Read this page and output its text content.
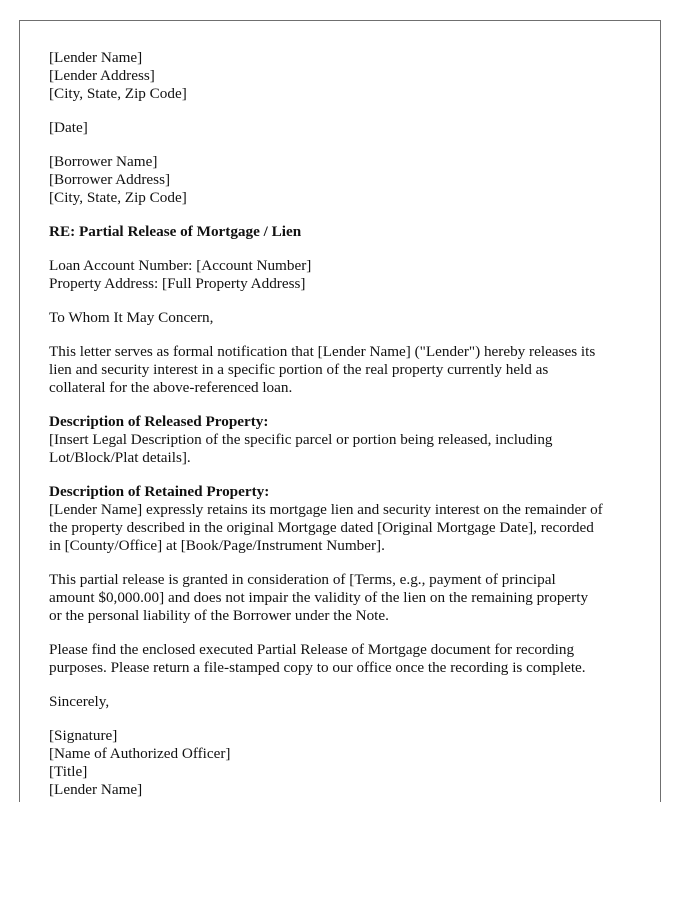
[Lender Name]
[Lender Address]
[City, State, Zip Code]
[Date]
[Borrower Name]
[Borrower Address]
[City, State, Zip Code]
RE: Partial Release of Mortgage / Lien
Loan Account Number: [Account Number]
Property Address: [Full Property Address]
To Whom It May Concern,
This letter serves as formal notification that [Lender Name] ("Lender") hereby releases its
lien and security interest in a specific portion of the real property currently held as
collateral for the above-referenced loan.
Description of Released Property:
[Insert Legal Description of the specific parcel or portion being released, including
Lot/Block/Plat details].
Description of Retained Property:
[Lender Name] expressly retains its mortgage lien and security interest on the remainder of
the property described in the original Mortgage dated [Original Mortgage Date], recorded
in [County/Office] at [Book/Page/Instrument Number].
This partial release is granted in consideration of [Terms, e.g., payment of principal
amount $0,000.00] and does not impair the validity of the lien on the remaining property
or the personal liability of the Borrower under the Note.
Please find the enclosed executed Partial Release of Mortgage document for recording
purposes. Please return a file-stamped copy to our office once the recording is complete.
Sincerely,
[Signature]
[Name of Authorized Officer]
[Title]
[Lender Name]
